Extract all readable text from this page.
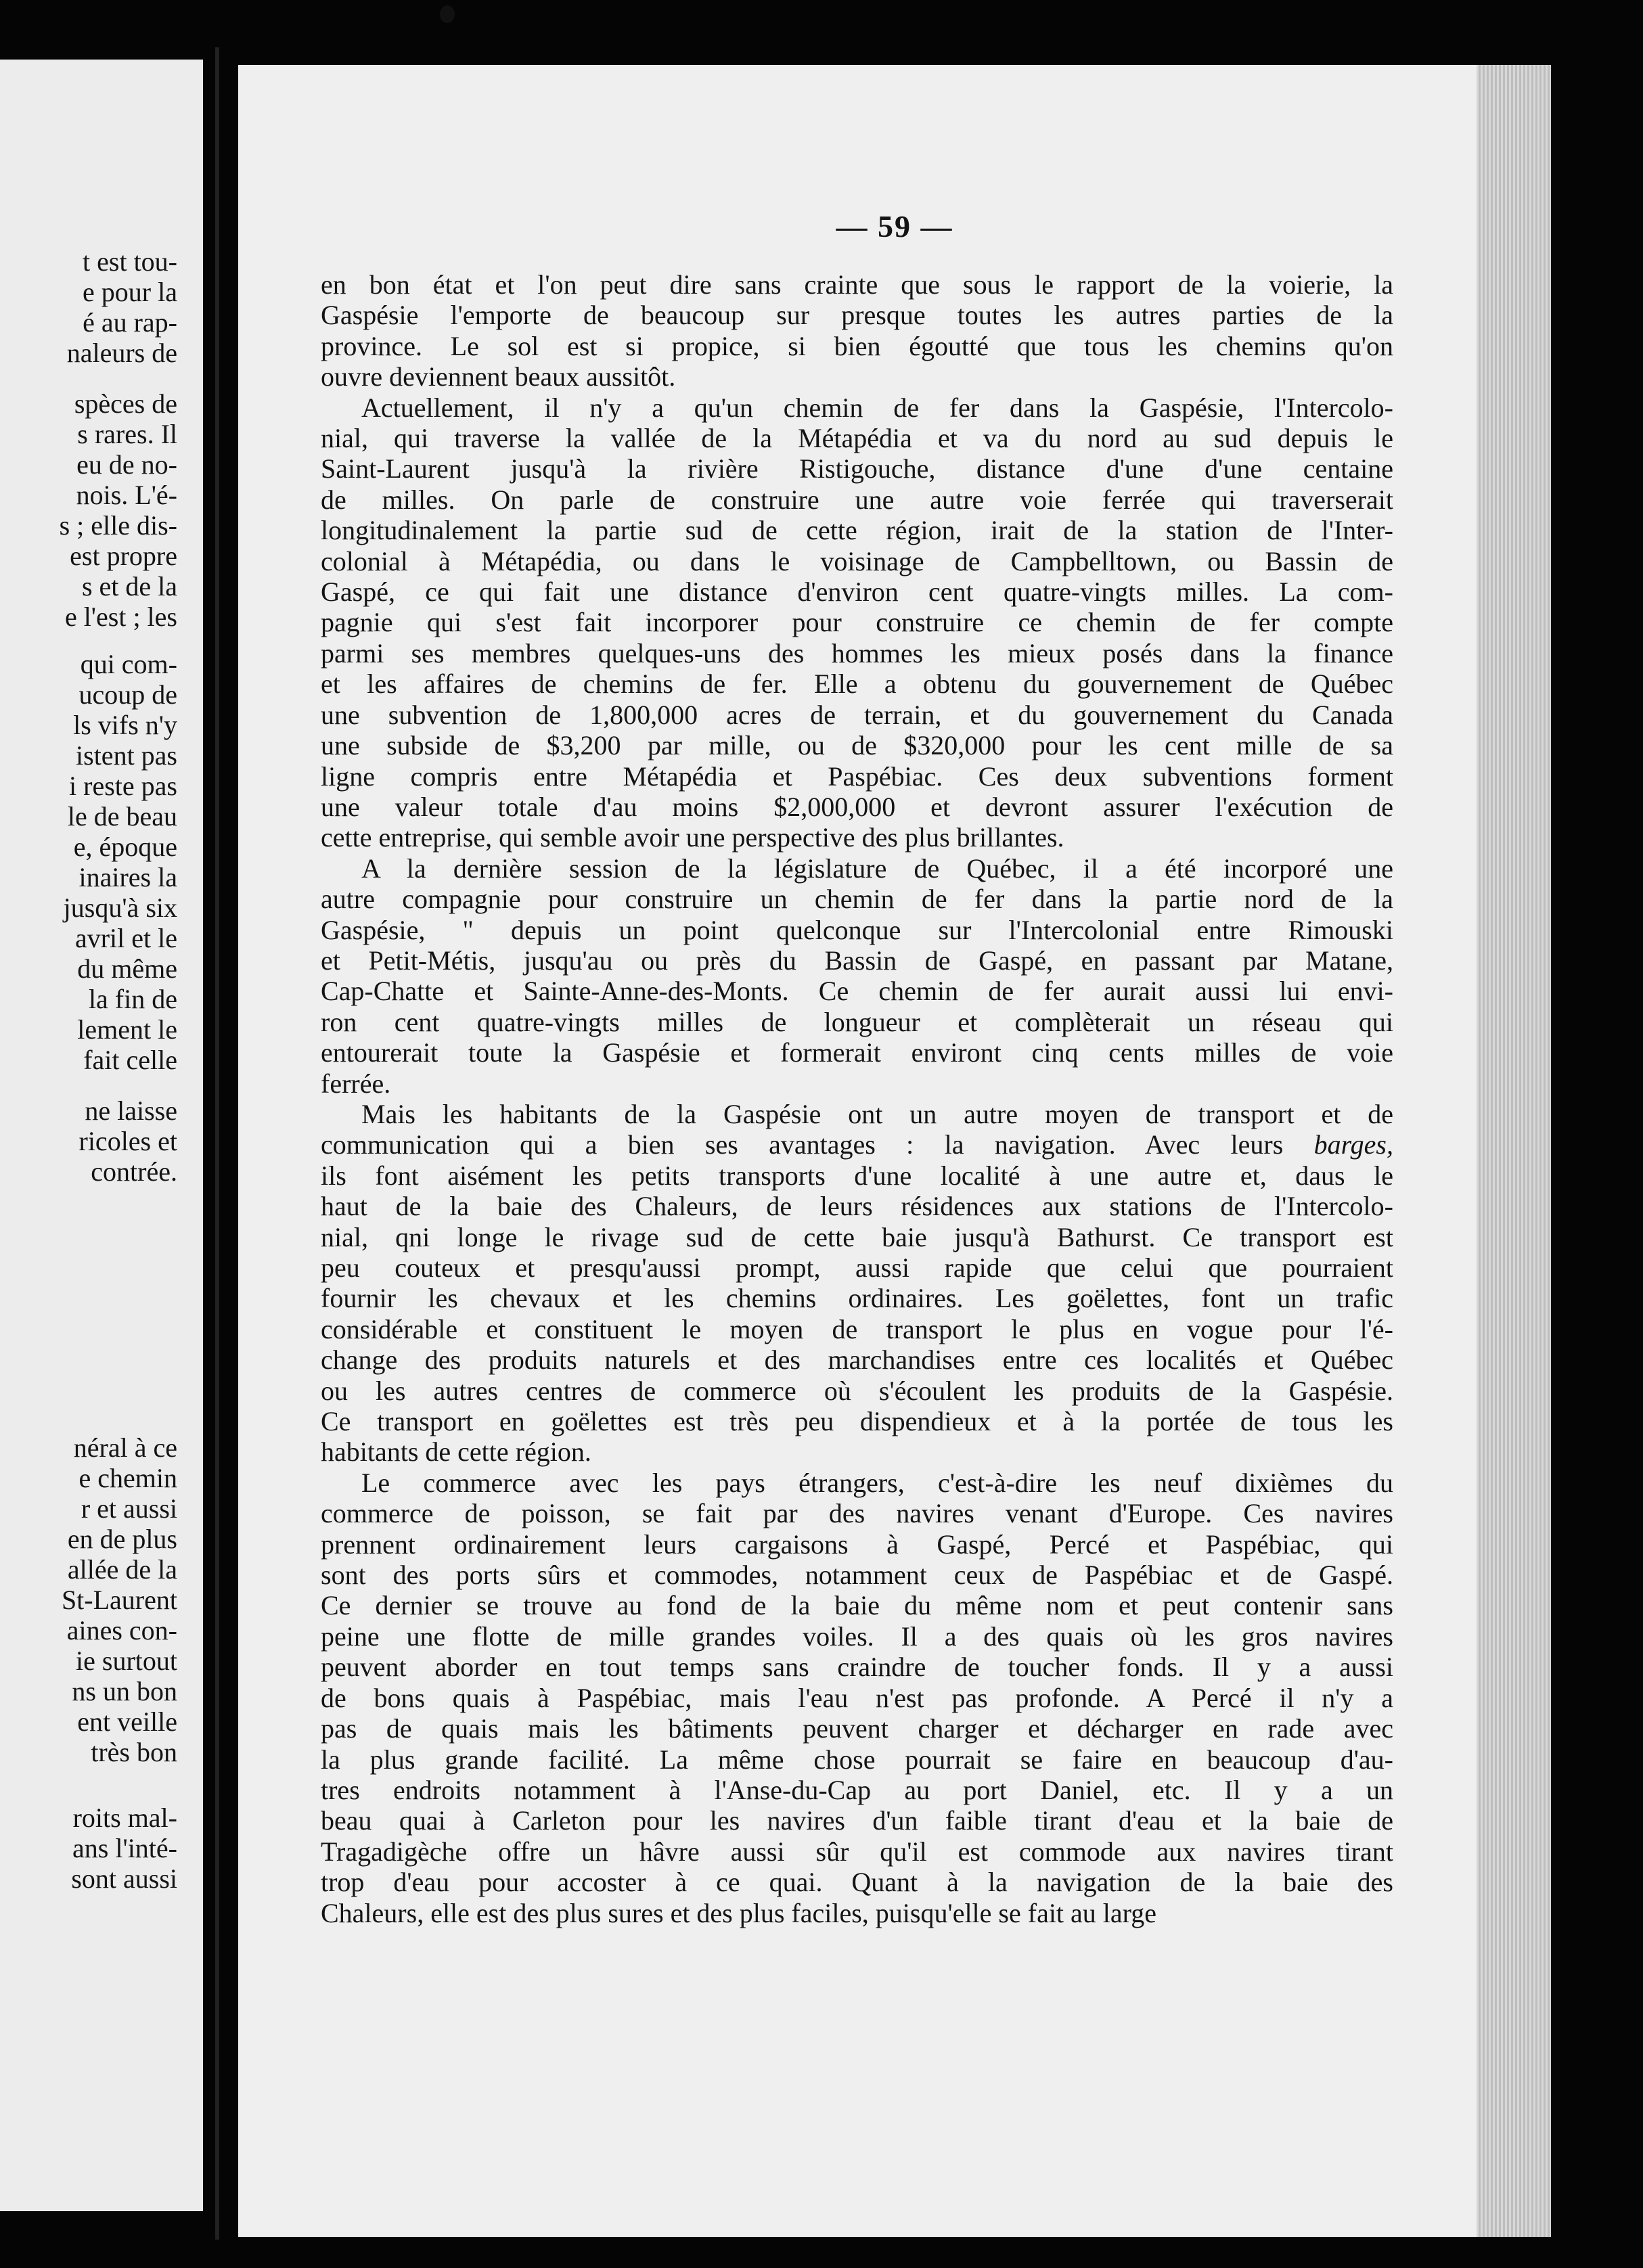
t est tou-
e pour la
é au rap-
naleurs de
spèces de
s rares. Il
eu de no-
nois. L'é-
s ; elle dis-
est propre
s et de la
e l'est ; les
qui com-
ucoup de
ls vifs n'y
istent pas
i reste pas
le de beau
e, époque
inaires la
jusqu'à six
avril et le
du même
la fin de
lement le
fait celle
ne laisse
ricoles et
contrée.
néral à ce
e chemin
r et aussi
en de plus
allée de la
St-Laurent
aines con-
ie surtout
ns un bon
ent veille
très bon
roits mal-
ans l'inté-
sont aussi
— 59 —

en bon état et l'on peut dire sans crainte que sous le rapport de la voierie, la

Gaspésie l'emporte de beaucoup sur presque toutes les autres parties de la

province. Le sol est si propice, si bien égoutté que tous les chemins qu'on

ouvre deviennent beaux aussitôt.

Actuellement, il n'y a qu'un chemin de fer dans la Gaspésie, l'Intercolo-

nial, qui traverse la vallée de la Métapédia et va du nord au sud depuis le

Saint-Laurent jusqu'à la rivière Ristigouche, distance d'une d'une centaine

de milles. On parle de construire une autre voie ferrée qui traverserait

longitudinalement la partie sud de cette région, irait de la station de l'Inter-

colonial à Métapédia, ou dans le voisinage de Campbelltown, ou Bassin de

Gaspé, ce qui fait une distance d'environ cent quatre-vingts milles. La com-

pagnie qui s'est fait incorporer pour construire ce chemin de fer compte

parmi ses membres quelques-uns des hommes les mieux posés dans la finance

et les affaires de chemins de fer. Elle a obtenu du gouvernement de Québec

une subvention de 1,800,000 acres de terrain, et du gouvernement du Canada

une subside de $3,200 par mille, ou de $320,000 pour les cent mille de sa

ligne compris entre Métapédia et Paspébiac. Ces deux subventions forment

une valeur totale d'au moins $2,000,000 et devront assurer l'exécution de

cette entreprise, qui semble avoir une perspective des plus brillantes.

A la dernière session de la législature de Québec, il a été incorporé une

autre compagnie pour construire un chemin de fer dans la partie nord de la

Gaspésie, " depuis un point quelconque sur l'Intercolonial entre Rimouski

et Petit-Métis, jusqu'au ou près du Bassin de Gaspé, en passant par Matane,

Cap-Chatte et Sainte-Anne-des-Monts. Ce chemin de fer aurait aussi lui envi-

ron cent quatre-vingts milles de longueur et complèterait un réseau qui

entourerait toute la Gaspésie et formerait environt cinq cents milles de voie

ferrée.

Mais les habitants de la Gaspésie ont un autre moyen de transport et de

communication qui a bien ses avantages : la navigation. Avec leurs barges,

ils font aisément les petits transports d'une localité à une autre et, daus le

haut de la baie des Chaleurs, de leurs résidences aux stations de l'Intercolo-

nial, qni longe le rivage sud de cette baie jusqu'à Bathurst. Ce transport est

peu couteux et presqu'aussi prompt, aussi rapide que celui que pourraient

fournir les chevaux et les chemins ordinaires. Les goëlettes, font un trafic

considérable et constituent le moyen de transport le plus en vogue pour l'é-

change des produits naturels et des marchandises entre ces localités et Québec

ou les autres centres de commerce où s'écoulent les produits de la Gaspésie.

Ce transport en goëlettes est très peu dispendieux et à la portée de tous les

habitants de cette région.

Le commerce avec les pays étrangers, c'est-à-dire les neuf dixièmes du

commerce de poisson, se fait par des navires venant d'Europe. Ces navires

prennent ordinairement leurs cargaisons à Gaspé, Percé et Paspébiac, qui

sont des ports sûrs et commodes, notamment ceux de Paspébiac et de Gaspé.

Ce dernier se trouve au fond de la baie du même nom et peut contenir sans

peine une flotte de mille grandes voiles. Il a des quais où les gros navires

peuvent aborder en tout temps sans craindre de toucher fonds. Il y a aussi

de bons quais à Paspébiac, mais l'eau n'est pas profonde. A Percé il n'y a

pas de quais mais les bâtiments peuvent charger et décharger en rade avec

la plus grande facilité. La même chose pourrait se faire en beaucoup d'au-

tres endroits notamment à l'Anse-du-Cap au port Daniel, etc. Il y a un

beau quai à Carleton pour les navires d'un faible tirant d'eau et la baie de

Tragadigèche offre un hâvre aussi sûr qu'il est commode aux navires tirant

trop d'eau pour accoster à ce quai. Quant à la navigation de la baie des

Chaleurs, elle est des plus sures et des plus faciles, puisqu'elle se fait au large
